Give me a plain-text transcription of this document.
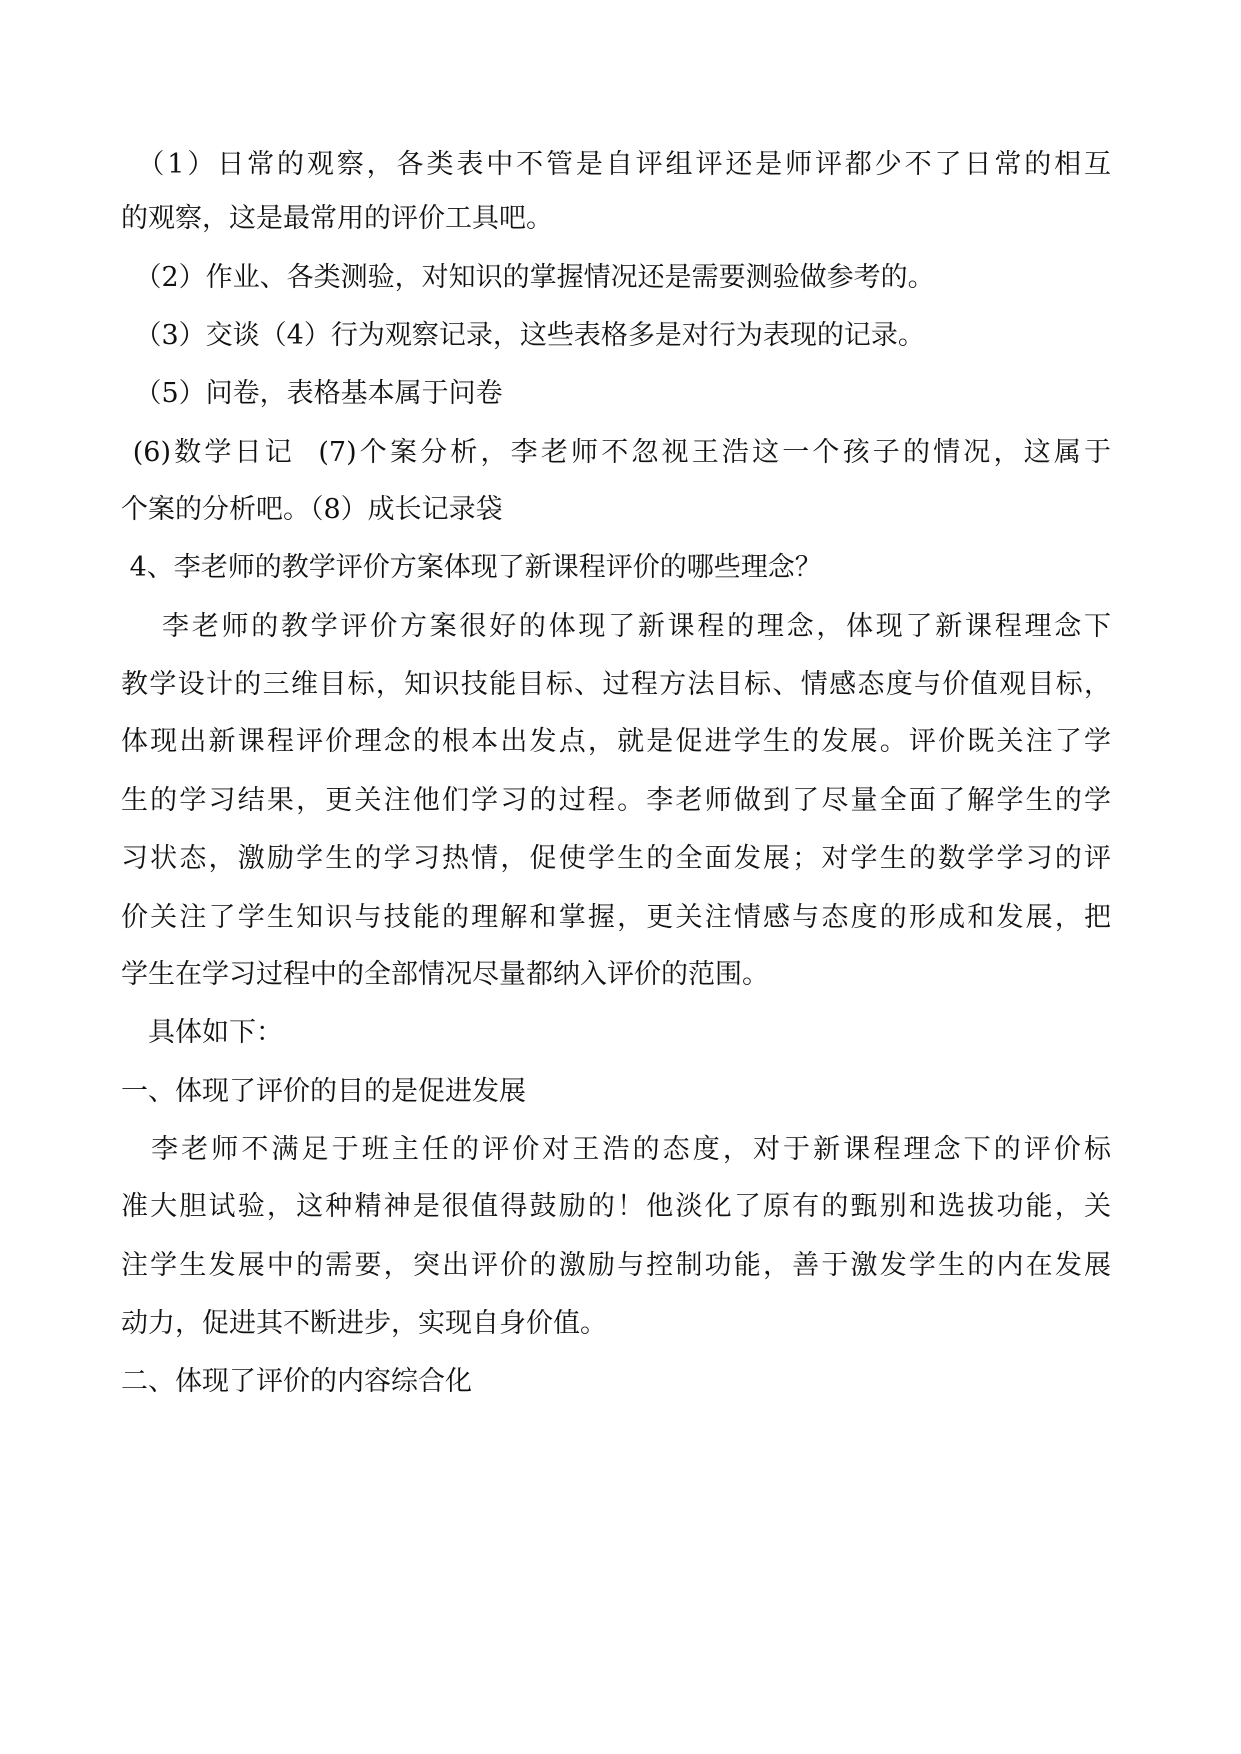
　（1）日常的观察，各类表中不管是自评组评还是师评都少不了日常的相互
的观察，这是最常用的评价工具吧。
　（2）作业、各类测验，对知识的掌握情况还是需要测验做参考的。
　（3）交谈（4）行为观察记录，这些表格多是对行为表现的记录。
　（5）问卷，表格基本属于问卷
(6)数学日记  (7)个案分析，李老师不忽视王浩这一个孩子的情况，这属于
个案的分析吧。（8）成长记录袋
4、李老师的教学评价方案体现了新课程评价的哪些理念？
　 李老师的教学评价方案很好的体现了新课程的理念，体现了新课程理念下
教学设计的三维目标，知识技能目标、过程方法目标、情感态度与价值观目标，
体现出新课程评价理念的根本出发点，就是促进学生的发展。评价既关注了学
生的学习结果，更关注他们学习的过程。李老师做到了尽量全面了解学生的学
习状态，激励学生的学习热情，促使学生的全面发展；对学生的数学学习的评
价关注了学生知识与技能的理解和掌握，更关注情感与态度的形成和发展，把
学生在学习过程中的全部情况尽量都纳入评价的范围。
　具体如下：
一、体现了评价的目的是促进发展
　李老师不满足于班主任的评价对王浩的态度，对于新课程理念下的评价标
准大胆试验，这种精神是很值得鼓励的！他淡化了原有的甄别和选拔功能，关
注学生发展中的需要，突出评价的激励与控制功能，善于激发学生的内在发展
动力，促进其不断进步，实现自身价值。
二、体现了评价的内容综合化
